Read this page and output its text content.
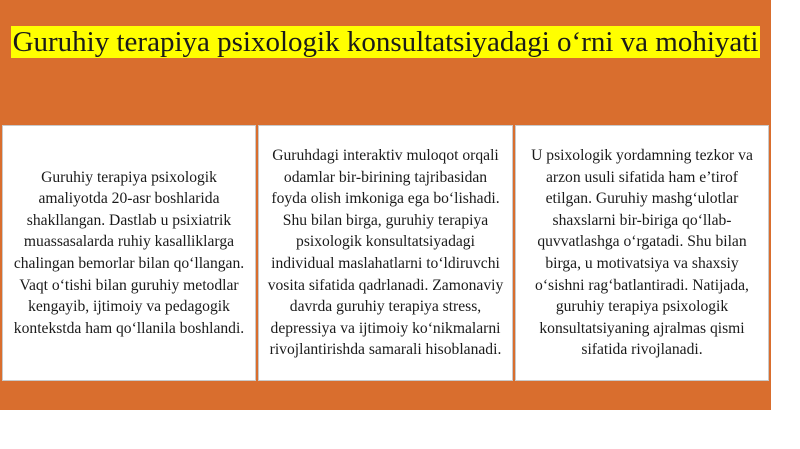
Guruhiy terapiya psixologik konsultatsiyadagi o‘rni va mohiyati

Guruhiy terapiya psixologik amaliyotda 20-asr boshlarida shakllangan. Dastlab u psixiatrik muassasalarda ruhiy kasalliklarga chalingan bemorlar bilan qo‘llangan. Vaqt o‘tishi bilan guruhiy metodlar kengayib, ijtimoiy va pedagogik kontekstda ham qo‘llanila boshlandi.

Guruhdagi interaktiv muloqot orqali odamlar bir-birining tajribasidan foyda olish imkoniga ega bo‘lishadi. Shu bilan birga, guruhiy terapiya psixologik konsultatsiyadagi individual maslahatlarni to‘ldiruvchi vosita sifatida qadrlanadi. Zamonaviy davrda guruhiy terapiya stress, depressiya va ijtimoiy ko‘nikmalarni rivojlantirishda samarali hisoblanadi.

U psixologik yordamning tezkor va arzon usuli sifatida ham e’tirof etilgan. Guruhiy mashg‘ulotlar shaxslarni bir-biriga qo‘llab-quvvatlashga o‘rgatadi. Shu bilan birga, u motivatsiya va shaxsiy o‘sishni rag‘batlantiradi. Natijada, guruhiy terapiya psixologik konsultatsiyaning ajralmas qismi sifatida rivojlanadi.
